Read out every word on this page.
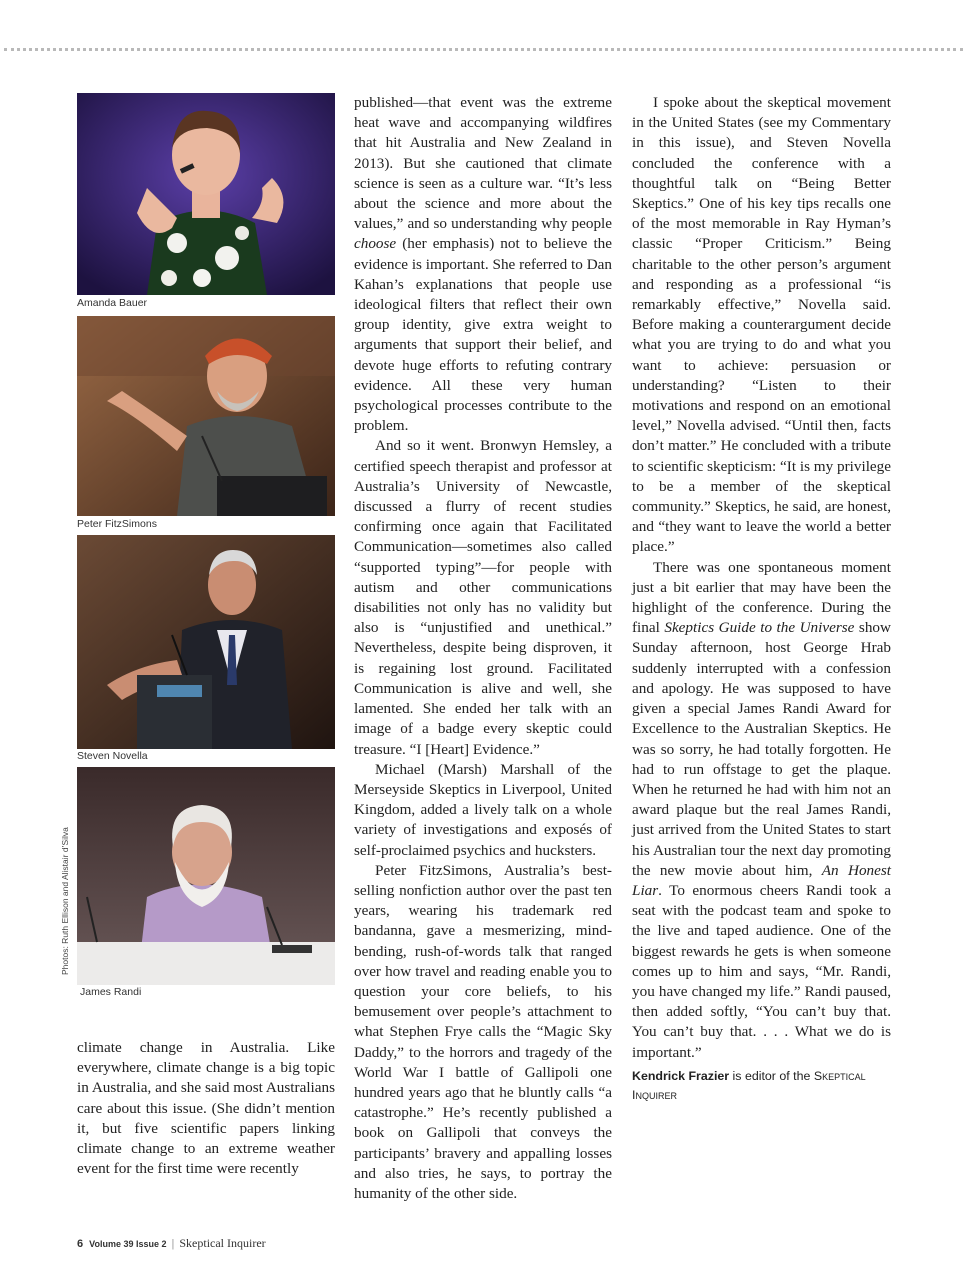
Amanda Bauer
Peter FitzSimons
Steven Novella
James Randi
Photos: Ruth Ellison and Alistair d’Silva

climate change in Australia. Like everywhere, climate change is a big topic in Australia, and she said most Australians care about this issue. (She didn’t mention it, but five scientific papers linking climate change to an extreme weather event for the first time were recently

published—that event was the extreme heat wave and accompanying wildfires that hit Australia and New Zealand in 2013). But she cautioned that climate science is seen as a culture war. “It’s less about the science and more about the values,” and so understanding why people choose (her emphasis) not to believe the evidence is important. She referred to Dan Kahan’s explanations that people use ideological filters that reflect their own group identity, give extra weight to arguments that support their belief, and devote huge efforts to refuting contrary evidence. All these very human psychological processes contribute to the problem.

And so it went. Bronwyn Hemsley, a certified speech therapist and professor at Australia’s University of Newcastle, discussed a flurry of recent studies confirming once again that Facilitated Communication—sometimes also called “supported typing”—for people with autism and other communications disabilities not only has no validity but also is “unjustified and unethical.” Nevertheless, despite being disproven, it is regaining lost ground. Facilitated Communication is alive and well, she lamented. She ended her talk with an image of a badge every skeptic could treasure. “I [Heart] Evidence.”

Michael (Marsh) Marshall of the Merseyside Skeptics in Liverpool, United Kingdom, added a lively talk on a whole variety of investigations and exposés of self-proclaimed psychics and hucksters.

Peter FitzSimons, Australia’s best-selling nonfiction author over the past ten years, wearing his trademark red bandanna, gave a mesmerizing, mind-bending, rush-of-words talk that ranged over how travel and reading enable you to question your core beliefs, to his bemusement over people’s attachment to what Stephen Frye calls the “Magic Sky Daddy,” to the horrors and tragedy of the World War I battle of Gallipoli one hundred years ago that he bluntly calls “a catastrophe.” He’s recently published a book on Gallipoli that conveys the participants’ bravery and appalling losses and also tries, he says, to portray the humanity of the other side.

I spoke about the skeptical movement in the United States (see my Commentary in this issue), and Steven Novella concluded the conference with a thoughtful talk on “Being Better Skeptics.” One of his key tips recalls one of the most memorable in Ray Hyman’s classic “Proper Criticism.” Being charitable to the other person’s argument and responding as a professional “is remarkably effective,” Novella said. Before making a counterargument decide what you are trying to do and what you want to achieve: persuasion or understanding? “Listen to their motivations and respond on an emotional level,” Novella advised. “Until then, facts don’t matter.” He concluded with a tribute to scientific skepticism: “It is my privilege to be a member of the skeptical community.” Skeptics, he said, are honest, and “they want to leave the world a better place.”

There was one spontaneous moment just a bit earlier that may have been the highlight of the conference. During the final Skeptics Guide to the Universe show Sunday afternoon, host George Hrab suddenly interrupted with a confession and apology. He was supposed to have given a special James Randi Award for Excellence to the Australian Skeptics. He was so sorry, he had totally forgotten. He had to run offstage to get the plaque. When he returned he had with him not an award plaque but the real James Randi, just arrived from the United States to start his Australian tour the next day promoting the new movie about him, An Honest Liar. To enormous cheers Randi took a seat with the podcast team and spoke to the live and taped audience. One of the biggest rewards he gets is when someone comes up to him and says, “Mr. Randi, you have changed my life.” Randi paused, then added softly, “You can’t buy that. You can’t buy that. . . . What we do is important.”

Kendrick Frazier is editor of the Skeptical Inquirer

6 Volume 39 Issue 2 | Skeptical Inquirer
